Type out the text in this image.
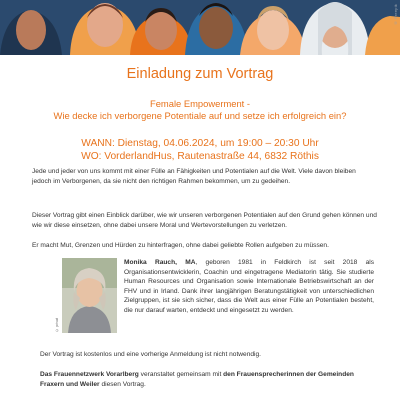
© Freepik
Einladung zum Vortrag
Female Empowerment -
Wie decke ich verborgene Potentiale auf und setze ich erfolgreich ein?
WANN: Dienstag, 04.06.2024, um 19:00 – 20:30 Uhr
WO: VorderlandHus, Rautenastraße 44, 6832 Röthis
Jede und jeder von uns kommt mit einer Fülle an Fähigkeiten und Potentialen auf die Welt. Viele davon bleiben jedoch im Verborgenen, da sie nicht den richtigen Rahmen bekommen, um zu gedeihen.
Dieser Vortrag gibt einen Einblick darüber, wie wir unseren verborgenen Potentialen auf den Grund gehen können und wie wir diese einsetzen, ohne dabei unsere Moral und Wertevorstellungen zu verletzen.
Er macht Mut, Grenzen und Hürden zu hinterfragen, ohne dabei geliebte Rollen aufgeben zu müssen.
© privat
Monika Rauch, MA, geboren 1981 in Feldkirch ist seit 2018 als Organisationsentwicklerin, Coachin und eingetragene Mediatorin tätig. Sie studierte Human Resources und Organisation sowie Internationale Betriebswirtschaft an der FHV und in Irland. Dank ihrer langjährigen Beratungstätigkeit von unterschiedlichen Zielgruppen, ist sie sich sicher, dass die Welt aus einer Fülle an Potentialen besteht, die nur darauf warten, entdeckt und eingesetzt zu werden.
Der Vortrag ist kostenlos und eine vorherige Anmeldung ist nicht notwendig.
Das Frauennetzwerk Vorarlberg veranstaltet gemeinsam mit den Frauensprecherinnen der Gemeinden Fraxern und Weiler diesen Vortrag.
